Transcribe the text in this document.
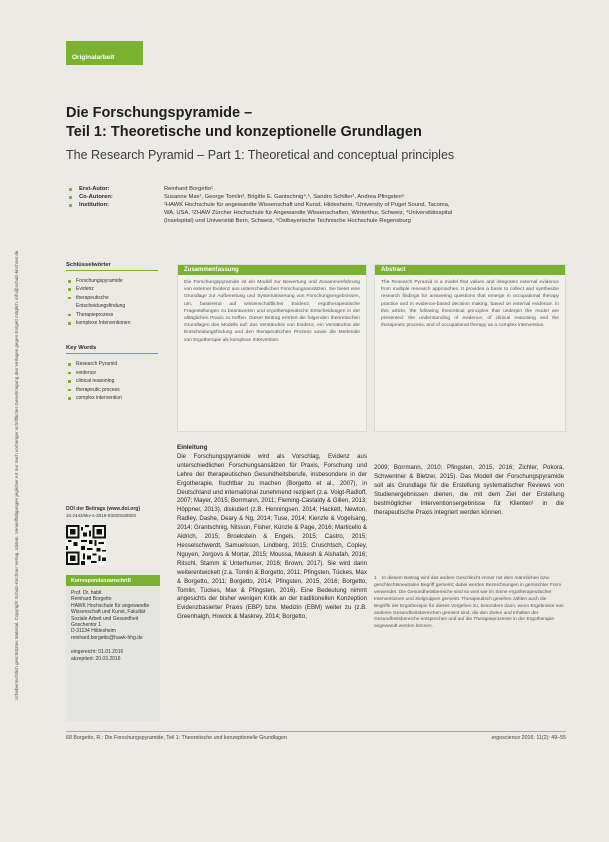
Urheberrechtlich geschütztes Material. Copyright Schulz-Kirchner Verlag, Idstein. Vervielfältigungen jeglicher Art nur nach vorheriger schriftlicher Genehmigung des Verlages gegen Entgelt möglich. info@schulz-kirchner.de
Originalarbeit
Die Forschungspyramide –
Teil 1: Theoretische und konzeptionelle Grundlagen
The Research Pyramid – Part 1: Theoretical and conceptual principles
Erst-Autor:	Reinhard Borgetto¹
Co-Autoren:	Susanne Max², George Tomlin³, Brigitte E. Gantschnig⁴,⁵, Sandro Schiller¹, Andrea Pfingsten⁶
Institution:	¹HAWK Hochschule für angewandte Wissenschaft und Kunst, Hildesheim, ²University of Puget Sound, Tacoma, WA, USA, ³ZHAW Zürcher Hochschule für Angewandte Wissenschaften, Winterthur, Schweiz, ⁴Universitätsspital (Inselspital) und Universität Bern, Schweiz, ⁵Ostbayerische Technische Hochschule Regensburg
Schlüsselwörter
Forschungspyramide
Evidenz
therapeutische Entscheidungsfindung
Therapieprozess
komplexe Interventionen
Key Words
Research Pyramid
evidence
clinical reasoning
therapeutic process
complex intervention
DOI der Beitrags (www.doi.org)
10.2443/skv-s-2016-53020160503
Korrespondenzanschrift
Prof. Dr. habil.
Reinhard Borgetto
HAWK Hochschule für angewandte Wissenschaft und Kunst, Fakultät Soziale Arbeit und Gesundheit
Goschentor 1
D-31134 Hildesheim
reinhard.borgetto@hawk-hhg.de
eingereicht: 01.01.2016
akzeptiert: 20.03.2016
Zusammenfassung
Die Forschungspyramide ist ein Modell zur Bewertung und Zusammenführung von externer Evidenz aus unterschiedlichen Forschungsansätzen. Sie bietet eine Grundlage zur Aufbereitung und Systematisierung von Forschungsergebnissen, um, basierend auf wissenschaftlicher Evidenz, ergotherapeutische Fragestellungen zu beantworten und ergotherapeutische Entscheidungen in der alltäglichen Praxis zu treffen. Dieser Beitrag erörtert die folgenden theoretischen Grundlagen des Modells auf: das Verständnis von Evidenz, ein Verständnis der Entscheidungsfindung und den therapeutischen Prozess sowie die Merkmale von Ergotherapie als komplexe Intervention.
Abstract
The Research Pyramid is a model that values and integrates external evidence from multiple research approaches. It provides a basis to collect and synthesize research findings for answering questions that emerge in occupational therapy practice and in evidence-based decision making, based on external evidence. In this article, the following theoretical principles that underpin the model are presented: the understanding of evidence, of clinical reasoning and the therapeutic process, and of occupational therapy as a complex intervention.
Einleitung
Die Forschungspyramide wird als Vorschlag, Evidenz aus unterschiedlichen Forschungsansätzen für Praxis, Forschung und Lehre der therapeutischen Gesundheitsberufe, insbesondere in der Ergotherapie, fruchtbar zu machen (Borgetto et al., 2007), in Deutschland und international zunehmend rezipiert (z.a. Voigt-Radloff, 2007; Mayer, 2015; Borrmann, 2011; Fleming-Castaldy & Gillen, 2013; Höppner, 2013), diskutiert (z.B. Henningsen, 2014; Hackett, Newton, Radley, Dashe, Deary & Ng, 2014; Tuse, 2014; Kienzle & Vogelsang, 2014; Grantschnig, Nilsson, Fisher, Künzle & Page, 2016; Marticello & Aldrich, 2015; Broekstein & Engels, 2015; Castro, 2015; Hesselschwerdt, Samuelsson, Lindberg, 2015; Cruschtsch, Copley, Nguyen, Jorgovs & Mortar, 2015; Moussa, Mukesh & Alshafah, 2016; Ritschl, Stamm & Unterhumer, 2016; Brown, 2017). Sie wird darin weiterentwickelt (z.a. Tomlin & Borgetto, 2011; Pfingsten, Tückes, Max & Borgetto, 2011; Borgetto, 2014; Pfingsten, 2015, 2016; Borgetto, Tomlin, Tückes, Max & Pfingsten, 2016). Eine Bedeutung nimmt angesichts der bisher wenigen Kritik an der traditionellen Konzeption Evidenzbasierter Praxis (EBP) bzw. Medizin (EBM) weiter zu (z.B. Greenhalgh, Howick & Maskrey, 2014; Borgetto,
2009; Borrmann, 2010; Pfingsten, 2015, 2016; Zichler, Pokora, Schwentner & Bletzer, 2015). Das Modell der Forschungspyramide soll als Grundlage für die Erstellung systematischer Reviews von Studienergebnissen dienen, die mit dem Ziel der Erstellung bestmöglicher Interventionsergebnisse für Klienten¹ in die therapeutische Praxis integriert werden können.
1	In diesem Beitrag wird das andere Geschlecht immer mit dem männlichen bzw. geschlechtsneutralen Begriff gemeint; dabei werden Bezeichnungen in gemischter Form verwendet. Die Gesundheitsbereiche sind so weit wie im Sinne ergotherapeutischer Interventionen und Zielgruppen gemeint. Therapeutisch gesehen zählen auch die Begriffe der Ergotherapie für dieses Vorgehen zu, besonders dann, wenn Ergebnisse aus anderen Gesundheitsbereichen gemeint sind, die den Zielen und Inhalten der Gesundheitsbereiche entsprechen und auf die Therapieprozesse in der Ergotherapie angewandt werden können.
68 Borgetto, R.: Die Forschungspyramide, Teil 1: Theoretische und konzeptionelle Grundlagen	ergoscience 2016; 11(2): 49–55
